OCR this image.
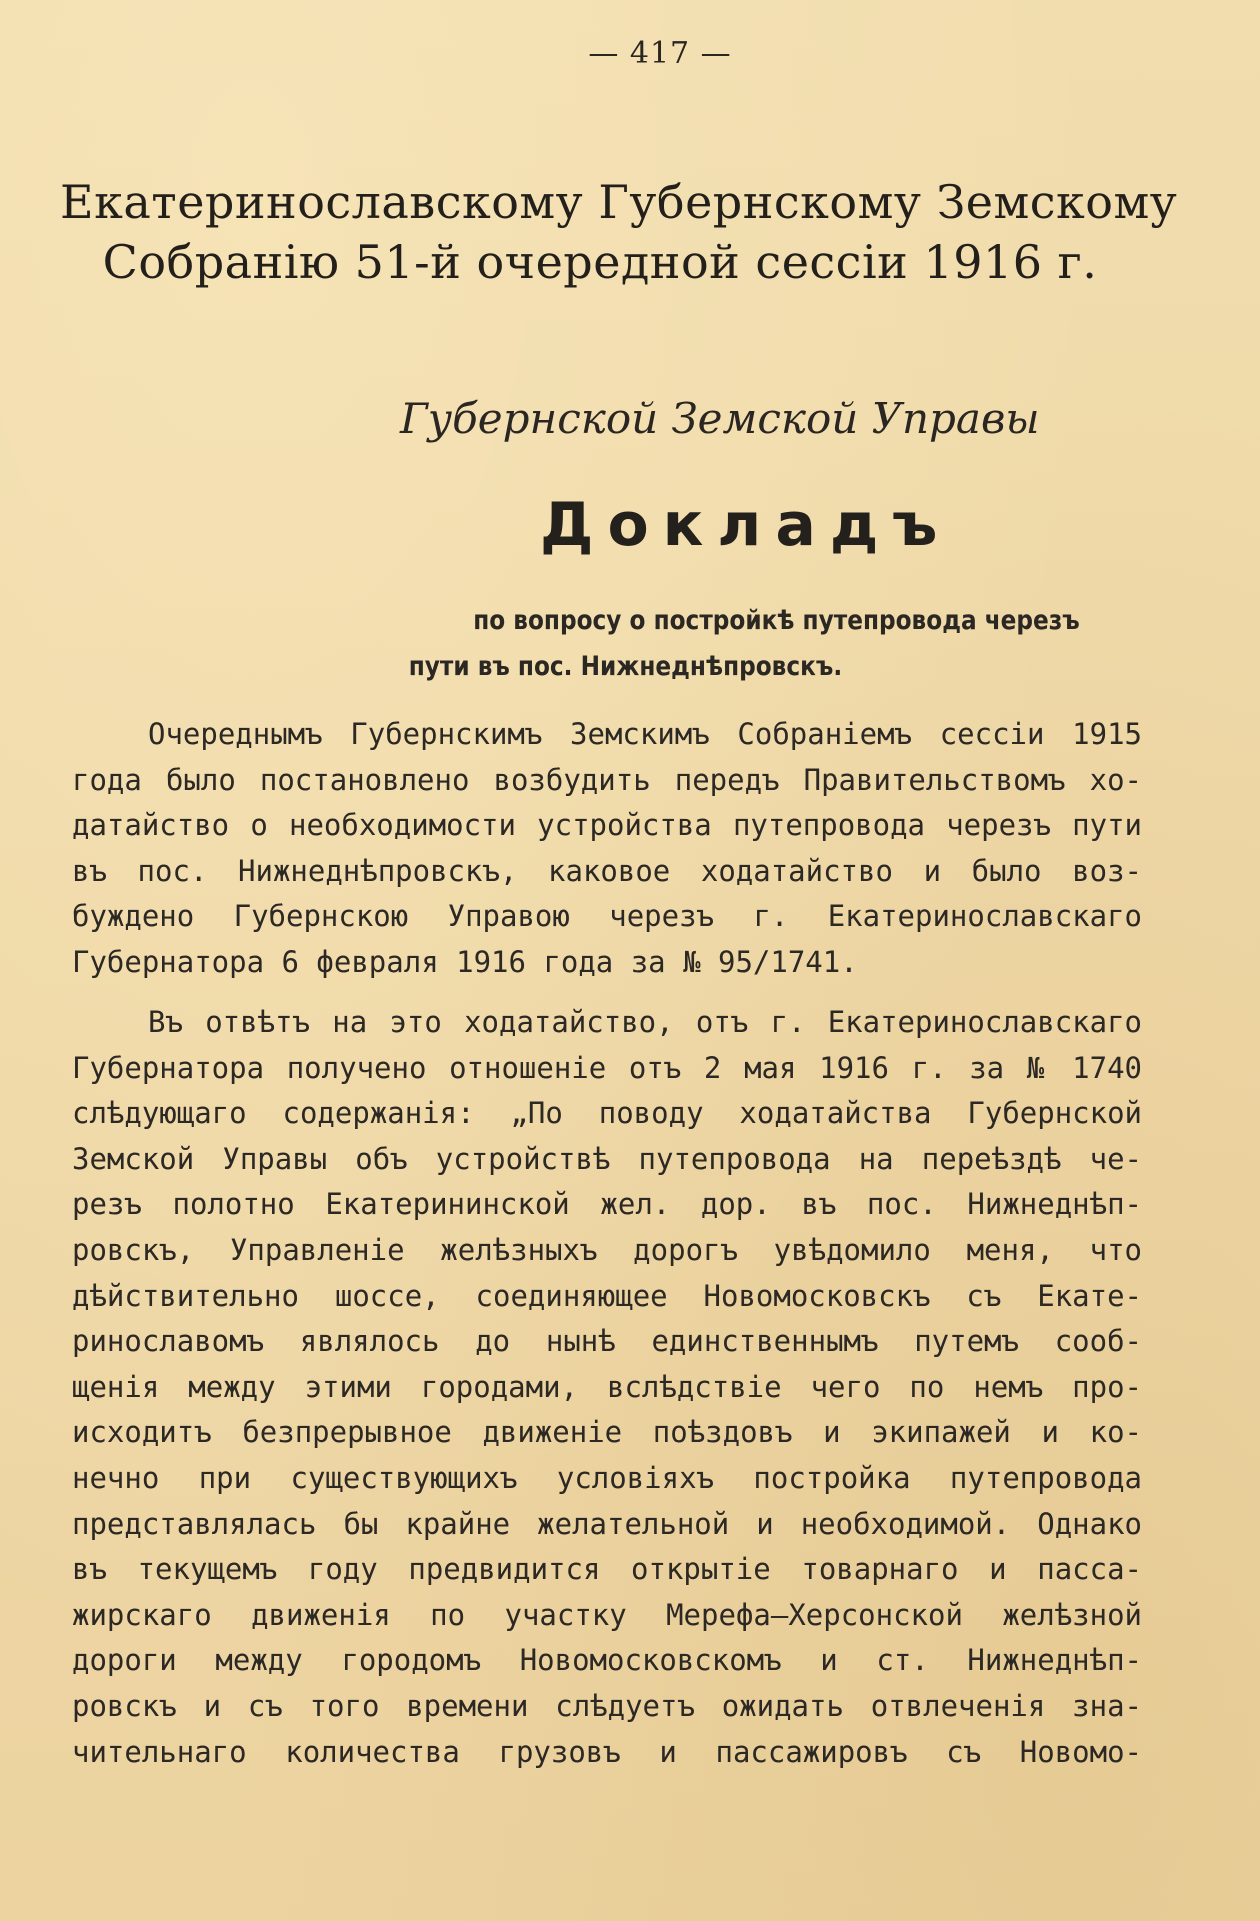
— 417 —
Екатеринославскому Губернскому Земскому
Собранію 51-й очередной сессіи 1916 г.
Губернской Земской Управы
Докладъ
по вопросу о постройкѣ путепровода черезъ
пути въ пос. Нижнеднѣпровскъ.
Очереднымъ Губернскимъ Земскимъ Собраніемъ сессіи 1915
года было постановлено возбудить передъ Правительствомъ хо-
датайство о необходимости устройства путепровода черезъ пути
въ пос. Нижнеднѣпровскъ, каковое ходатайство и было воз-
буждено Губернскою Управою черезъ г. Екатеринославскаго
Губернатора 6 февраля 1916 года за № 95/1741.
Въ отвѣтъ на это ходатайство, отъ г. Екатеринославскаго
Губернатора получено отношеніе отъ 2 мая 1916 г. за № 1740
слѣдующаго содержанія: „По поводу ходатайства Губернской
Земской Управы объ устройствѣ путепровода на переѣздѣ че-
резъ полотно Екатерининской жел. дор. въ пос. Нижнеднѣп-
ровскъ, Управленіе желѣзныхъ дорогъ увѣдомило меня, что
дѣйствительно шоссе, соединяющее Новомосковскъ съ Екате-
ринославомъ являлось до нынѣ единственнымъ путемъ сооб-
щенія между этими городами, вслѣдствіе чего по немъ про-
исходитъ безпрерывное движеніе поѣздовъ и экипажей и ко-
нечно при существующихъ условіяхъ постройка путепровода
представлялась бы крайне желательной и необходимой. Однако
въ текущемъ году предвидится открытіе товарнаго и пасса-
жирскаго движенія по участку Мерефа—Херсонской желѣзной
дороги между городомъ Новомосковскомъ и ст. Нижнеднѣп-
ровскъ и съ того времени слѣдуетъ ожидать отвлеченія зна-
чительнаго количества грузовъ и пассажировъ съ Новомо-
